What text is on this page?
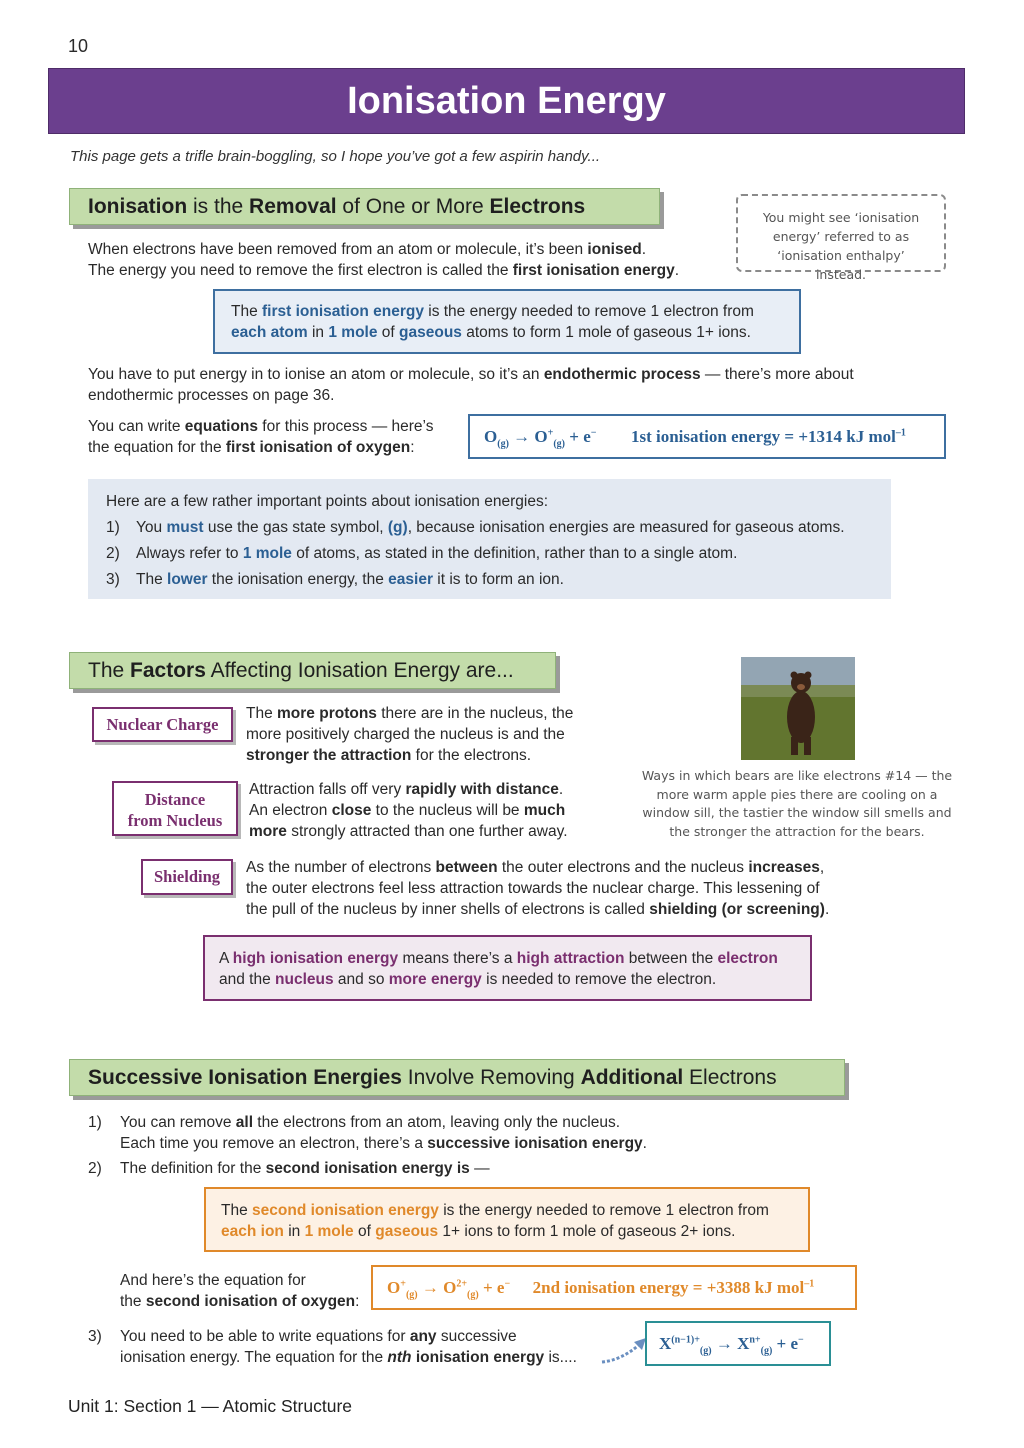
10
Ionisation Energy
This page gets a trifle brain-boggling, so I hope you’ve got a few aspirin handy...
Ionisation is the Removal of One or More Electrons	You might see ‘ionisation energy’ referred to as ‘ionisation enthalpy’ instead.
When electrons have been removed from an atom or molecule, it’s been ionised.
The energy you need to remove the first electron is called the first ionisation energy.
The first ionisation energy is the energy needed to remove 1 electron from
each atom in 1 mole of gaseous atoms to form 1 mole of gaseous 1+ ions.
You have to put energy in to ionise an atom or molecule, so it’s an endothermic process — there’s more about
endothermic processes on page 36.
You can write equations for this process — here’s
the equation for the first ionisation of oxygen:
$O_{(g)} \to O^+_{(g)} + e^-$ 1st ionisation energy = +1314 kJ mol$^{-1}$
Here are a few rather important points about ionisation energies:
1) You must use the gas state symbol, (g), because ionisation energies are measured for gaseous atoms.
2) Always refer to 1 mole of atoms, as stated in the definition, rather than to a single atom.
3) The lower the ionisation energy, the easier it is to form an ion.
The Factors Affecting Ionisation Energy are...
Nuclear Charge
The more protons there are in the nucleus, the
more positively charged the nucleus is and the
stronger the attraction for the electrons.
Distance
from Nucleus
Attraction falls off very rapidly with distance.
An electron close to the nucleus will be much
more strongly attracted than one further away.
Ways in which bears are like electrons #14 — the more warm apple pies there are cooling on a window sill, the tastier the window sill smells and the stronger the attraction for the bears.
Shielding	As the number of electrons between the outer electrons and the nucleus increases,
the outer electrons feel less attraction towards the nuclear charge. This lessening of
the pull of the nucleus by inner shells of electrons is called shielding (or screening).
A high ionisation energy means there’s a high attraction between the electron
and the nucleus and so more energy is needed to remove the electron.
Successive Ionisation Energies Involve Removing Additional Electrons
1)	You can remove all the electrons from an atom, leaving only the nucleus.
Each time you remove an electron, there’s a successive ionisation energy.
2)	The definition for the second ionisation energy is —
The second ionisation energy is the energy needed to remove 1 electron from
each ion in 1 mole of gaseous 1+ ions to form 1 mole of gaseous 2+ ions.
And here’s the equation for
the second ionisation of oxygen:
$O^+_{(g)} \to O^{2+}_{(g)} + e^-$ 2nd ionisation energy = +3388 kJ mol$^{-1}$
3)	You need to be able to write equations for any successive
ionisation energy. The equation for the nth ionisation energy is....
$X^{(n-1)+}_{(g)} \to X^{n+}_{(g)} + e^-$
Unit 1: Section 1 — Atomic Structure
